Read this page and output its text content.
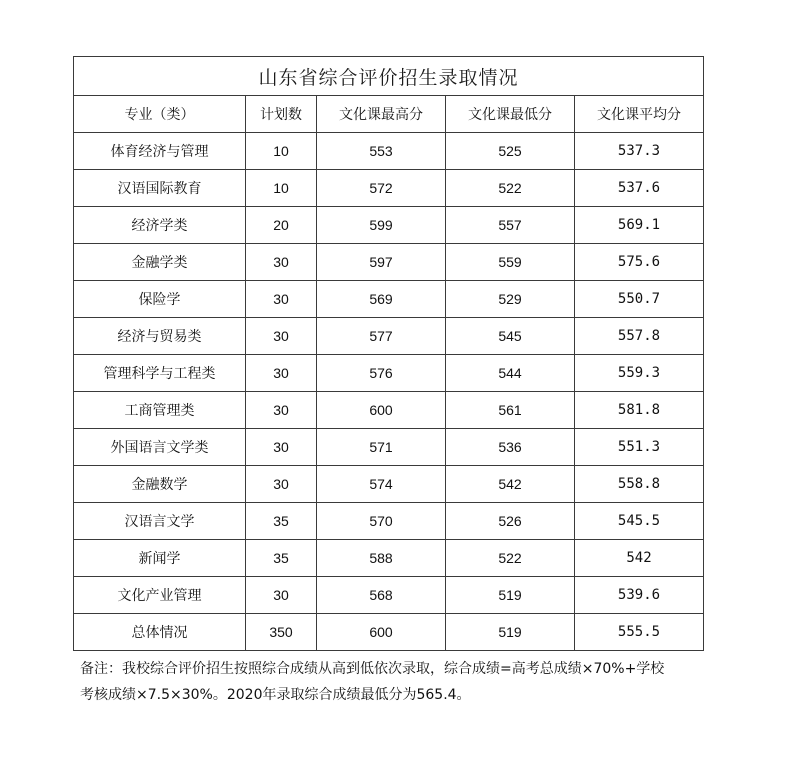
山东省综合评价招生录取情况				
专业（类）	计划数	文化课最高分	文化课最低分	文化课平均分
体育经济与管理	10	553	525	537.3
汉语国际教育	10	572	522	537.6
经济学类	20	599	557	569.1
金融学类	30	597	559	575.6
保险学	30	569	529	550.7
经济与贸易类	30	577	545	557.8
管理科学与工程类	30	576	544	559.3
工商管理类	30	600	561	581.8
外国语言文学类	30	571	536	551.3
金融数学	30	574	542	558.8
汉语言文学	35	570	526	545.5
新闻学	35	588	522	542
文化产业管理	30	568	519	539.6
总体情况	350	600	519	555.5
备注：我校综合评价招生按照综合成绩从高到低依次录取，综合成绩=高考总成绩×70%+学校
考核成绩×7.5×30%。2020年录取综合成绩最低分为565.4。
